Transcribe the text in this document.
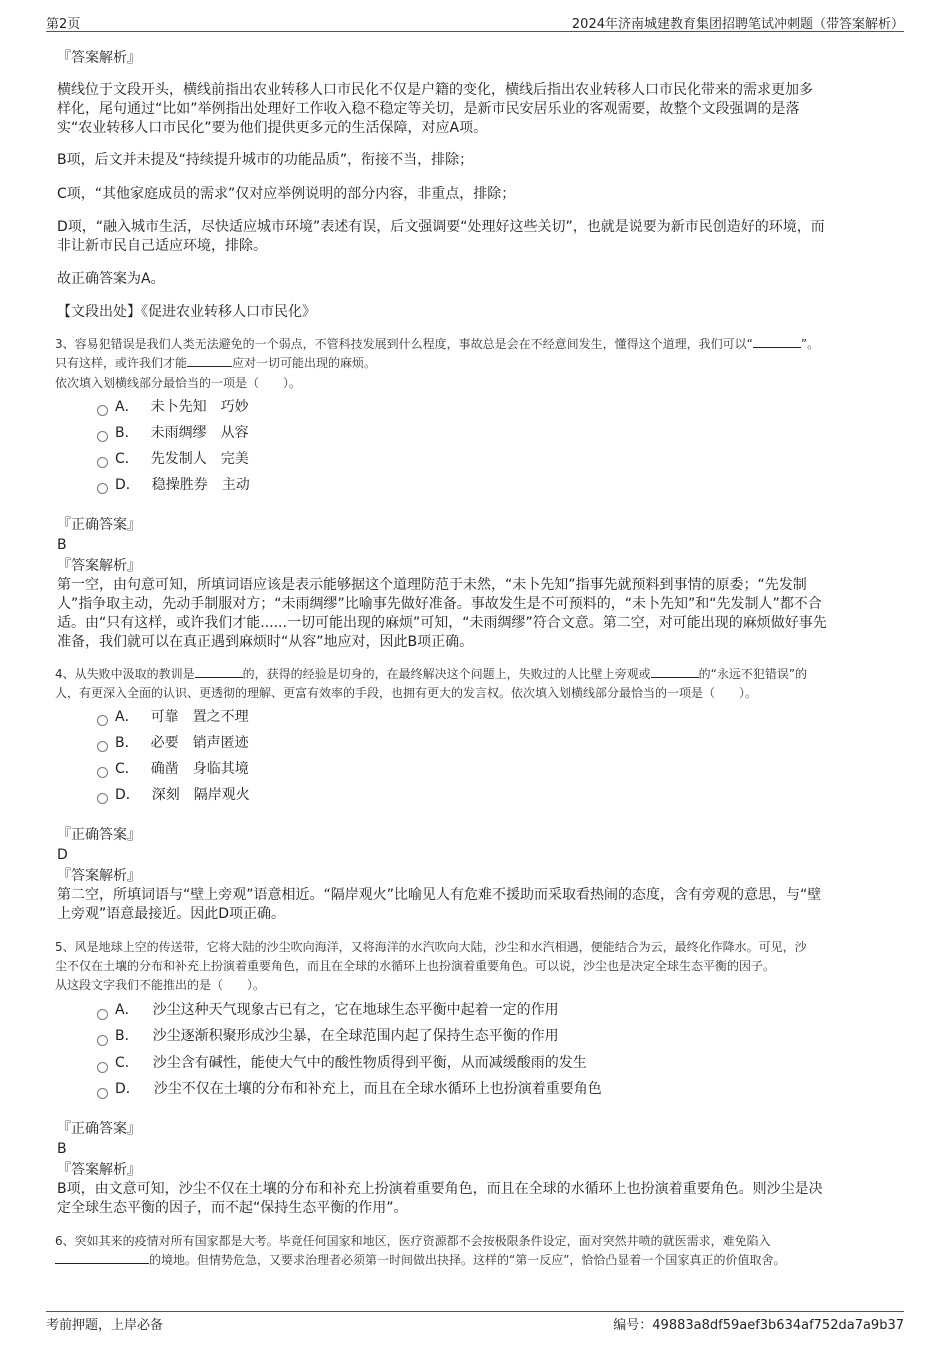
第2页	2024年济南城建教育集团招聘笔试冲刺题（带答案解析）
『答案解析』
横线位于文段开头，横线前指出农业转移人口市民化不仅是户籍的变化，横线后指出农业转移人口市民化带来的需求更加多
样化，尾句通过“比如”举例指出处理好工作收入稳不稳定等关切，是新市民安居乐业的客观需要，故整个文段强调的是落
实“农业转移人口市民化”要为他们提供更多元的生活保障，对应A项。
B项，后文并未提及“持续提升城市的功能品质”，衔接不当，排除；
C项，“其他家庭成员的需求”仅对应举例说明的部分内容，非重点，排除；
D项，“融入城市生活，尽快适应城市环境”表述有误，后文强调要“处理好这些关切”，也就是说要为新市民创造好的环境，而
非让新市民自己适应环境，排除。
故正确答案为A。
【文段出处】《促进农业转移人口市民化》
3、容易犯错误是我们人类无法避免的一个弱点，不管科技发展到什么程度，事故总是会在不经意间发生，懂得这个道理，我们可以“	”。
只有这样，或许我们才能	应对一切可能出现的麻烦。
依次填入划横线部分最恰当的一项是（　　）。
A． 未卜先知　巧妙
B． 未雨绸缪　从容
C． 先发制人　完美
D． 稳操胜券　主动
『正确答案』
B
『答案解析』
第一空，由句意可知，所填词语应该是表示能够据这个道理防范于未然，“未卜先知”指事先就预料到事情的原委；“先发制
人”指争取主动，先动手制服对方；“未雨绸缪”比喻事先做好准备。事故发生是不可预料的，“未卜先知”和“先发制人”都不合
适。由“只有这样，或许我们才能......一切可能出现的麻烦”可知，“未雨绸缪”符合文意。第二空，对可能出现的麻烦做好事先
准备，我们就可以在真正遇到麻烦时“从容”地应对，因此B项正确。
4、从失败中汲取的教训是	的，获得的经验是切身的，在最终解决这个问题上，失败过的人比壁上旁观或	的“永远不犯错误”的
人，有更深入全面的认识、更透彻的理解、更富有效率的手段，也拥有更大的发言权。依次填入划横线部分最恰当的一项是（　　）。
A． 可靠　置之不理
B． 必要　销声匿迹
C． 确凿　身临其境
D． 深刻　隔岸观火
『正确答案』
D
『答案解析』
第二空，所填词语与“壁上旁观”语意相近。“隔岸观火”比喻见人有危难不援助而采取看热闹的态度，含有旁观的意思，与“壁
上旁观”语意最接近。因此D项正确。
5、风是地球上空的传送带，它将大陆的沙尘吹向海洋，又将海洋的水汽吹向大陆，沙尘和水汽相遇，便能结合为云，最终化作降水。可见，沙
尘不仅在土壤的分布和补充上扮演着重要角色，而且在全球的水循环上也扮演着重要角色。可以说，沙尘也是决定全球生态平衡的因子。
从这段文字我们不能推出的是（　　）。
A． 沙尘这种天气现象古已有之，它在地球生态平衡中起着一定的作用
B． 沙尘逐渐积聚形成沙尘暴，在全球范围内起了保持生态平衡的作用
C． 沙尘含有碱性，能使大气中的酸性物质得到平衡，从而减缓酸雨的发生
D． 沙尘不仅在土壤的分布和补充上，而且在全球水循环上也扮演着重要角色
『正确答案』
B
『答案解析』
B项，由文意可知，沙尘不仅在土壤的分布和补充上扮演着重要角色，而且在全球的水循环上也扮演着重要角色。则沙尘是决
定全球生态平衡的因子，而不起“保持生态平衡的作用”。
6、突如其来的疫情对所有国家都是大考。毕竟任何国家和地区，医疗资源都不会按极限条件设定，面对突然井喷的就医需求，难免陷入
的境地。但情势危急，又要求治理者必须第一时间做出抉择。这样的“第一反应”，恰恰凸显着一个国家真正的价值取舍。
考前押题，上岸必备	编号：49883a8df59aef3b634af752da7a9b37
